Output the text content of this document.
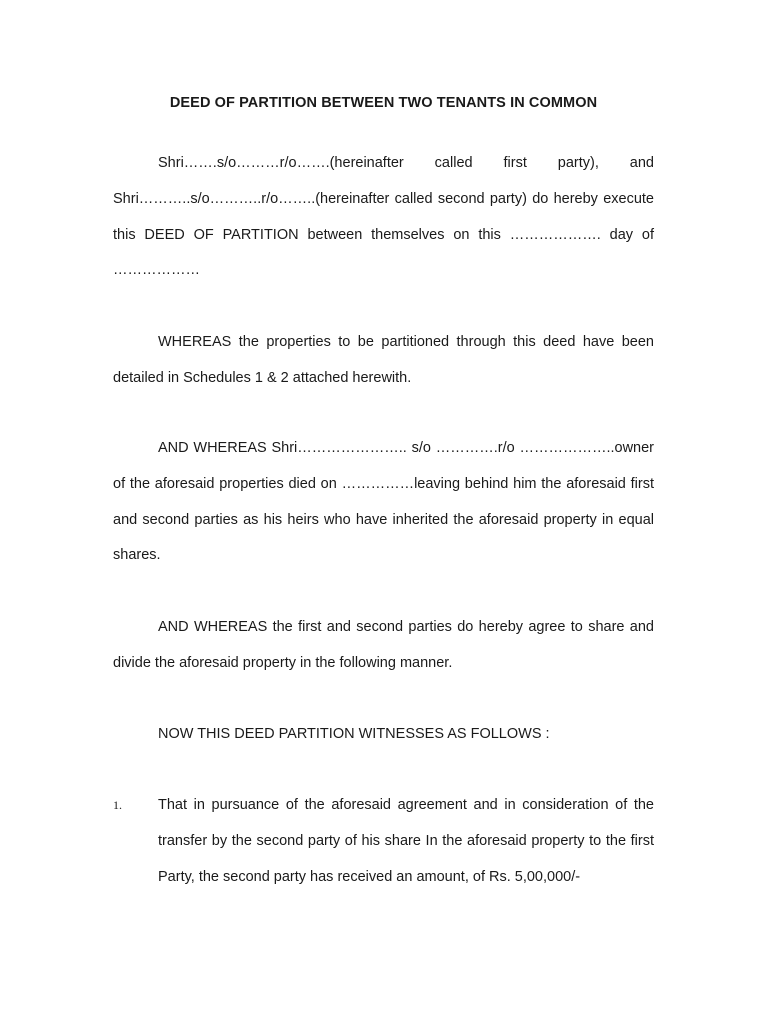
DEED OF PARTITION BETWEEN TWO TENANTS IN COMMON

Shri…….s/o………r/o…….(hereinafter called first party), and Shri………..s/o………..r/o……..(hereinafter called second party) do hereby execute this DEED OF PARTITION between themselves on this ………………. day of ………………

WHEREAS the properties to be partitioned through this deed have been detailed in Schedules 1 & 2 attached herewith.

AND WHEREAS Shri………………….. s/o ………….r/o ………………..owner of the aforesaid properties died on ……………leaving behind him the aforesaid first and second parties as his heirs who have inherited the aforesaid property in equal shares.

AND WHEREAS the first and second parties do hereby agree to share and divide the aforesaid property in the following manner.

NOW THIS DEED PARTITION WITNESSES AS FOLLOWS :

1. That in pursuance of the aforesaid agreement and in consideration of the transfer by the second party of his share In the aforesaid property to the first Party, the second party has received an amount, of Rs. 5,00,000/-
